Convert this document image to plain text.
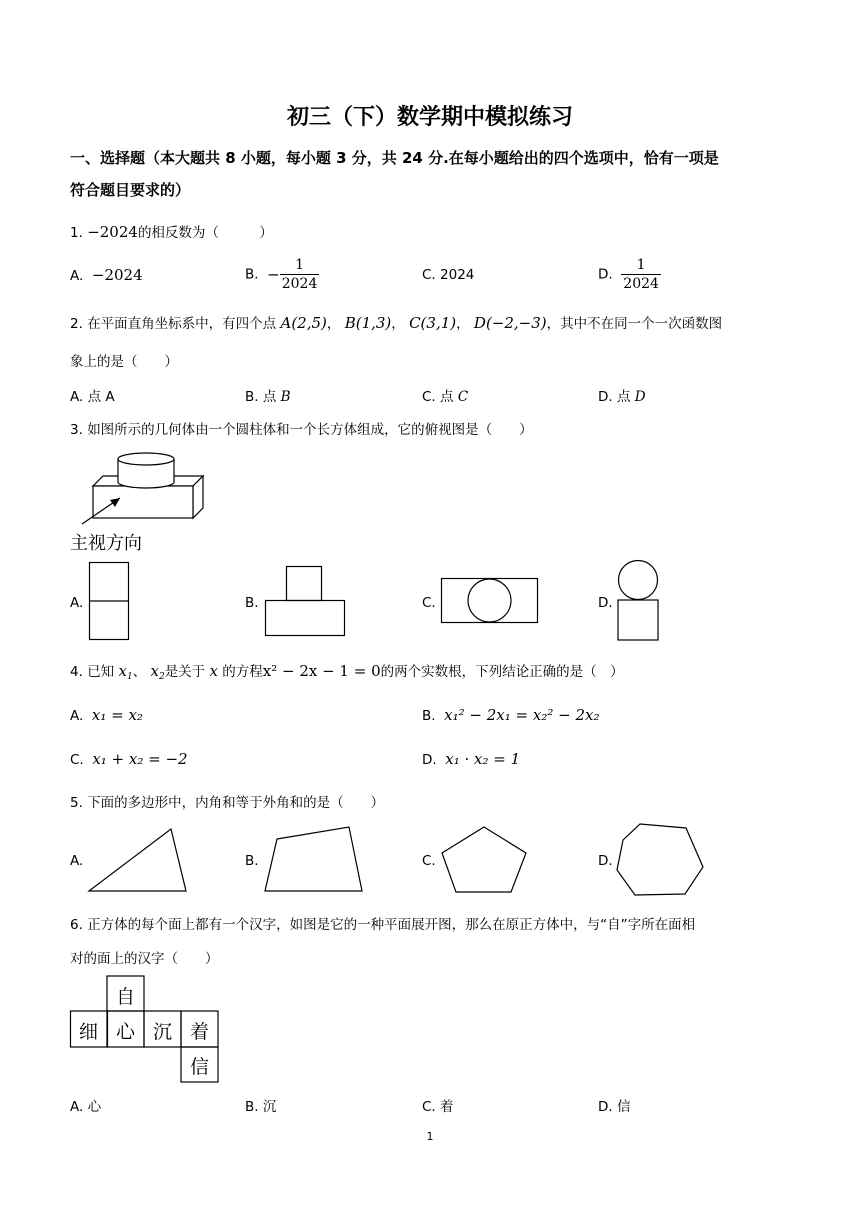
初三（下）数学期中模拟练习
一、选择题（本大题共 8 小题，每小题 3 分，共 24 分.在每小题给出的四个选项中，恰有一项是
符合题目要求的）
1. −2024的相反数为（　　　）
A. −2024	B. − $\frac{1}{2024}$	C. 2024	D. $\frac{1}{2024}$
2. 在平面直角坐标系中，有四个点 A(2,5)， B(1,3)， C(3,1)， D(−2,−3)，其中不在同一个一次函数图
象上的是（　　）
A. 点 A	B. 点 B	C. 点 C	D. 点 D
3. 如图所示的几何体由一个圆柱体和一个长方体组成，它的俯视图是（　　）
主视方向
A.	B.	C.	D.
4. 已知 $x_1$、 $x_2$是关于 x 的方程x² − 2x − 1 = 0的两个实数根，下列结论正确的是（　）
A. x₁ = x₂	B. x₁² − 2x₁ = x₂² − 2x₂
C. x₁ + x₂ = −2	D. x₁ · x₂ = 1
5. 下面的多边形中，内角和等于外角和的是（　　）
A.	B.	C.	D.
6. 正方体的每个面上都有一个汉字，如图是它的一种平面展开图，那么在原正方体中，与“自”字所在面相
对的面上的汉字（　　）
自
细 心 沉 着
信
A. 心	B. 沉	C. 着	D. 信
1
